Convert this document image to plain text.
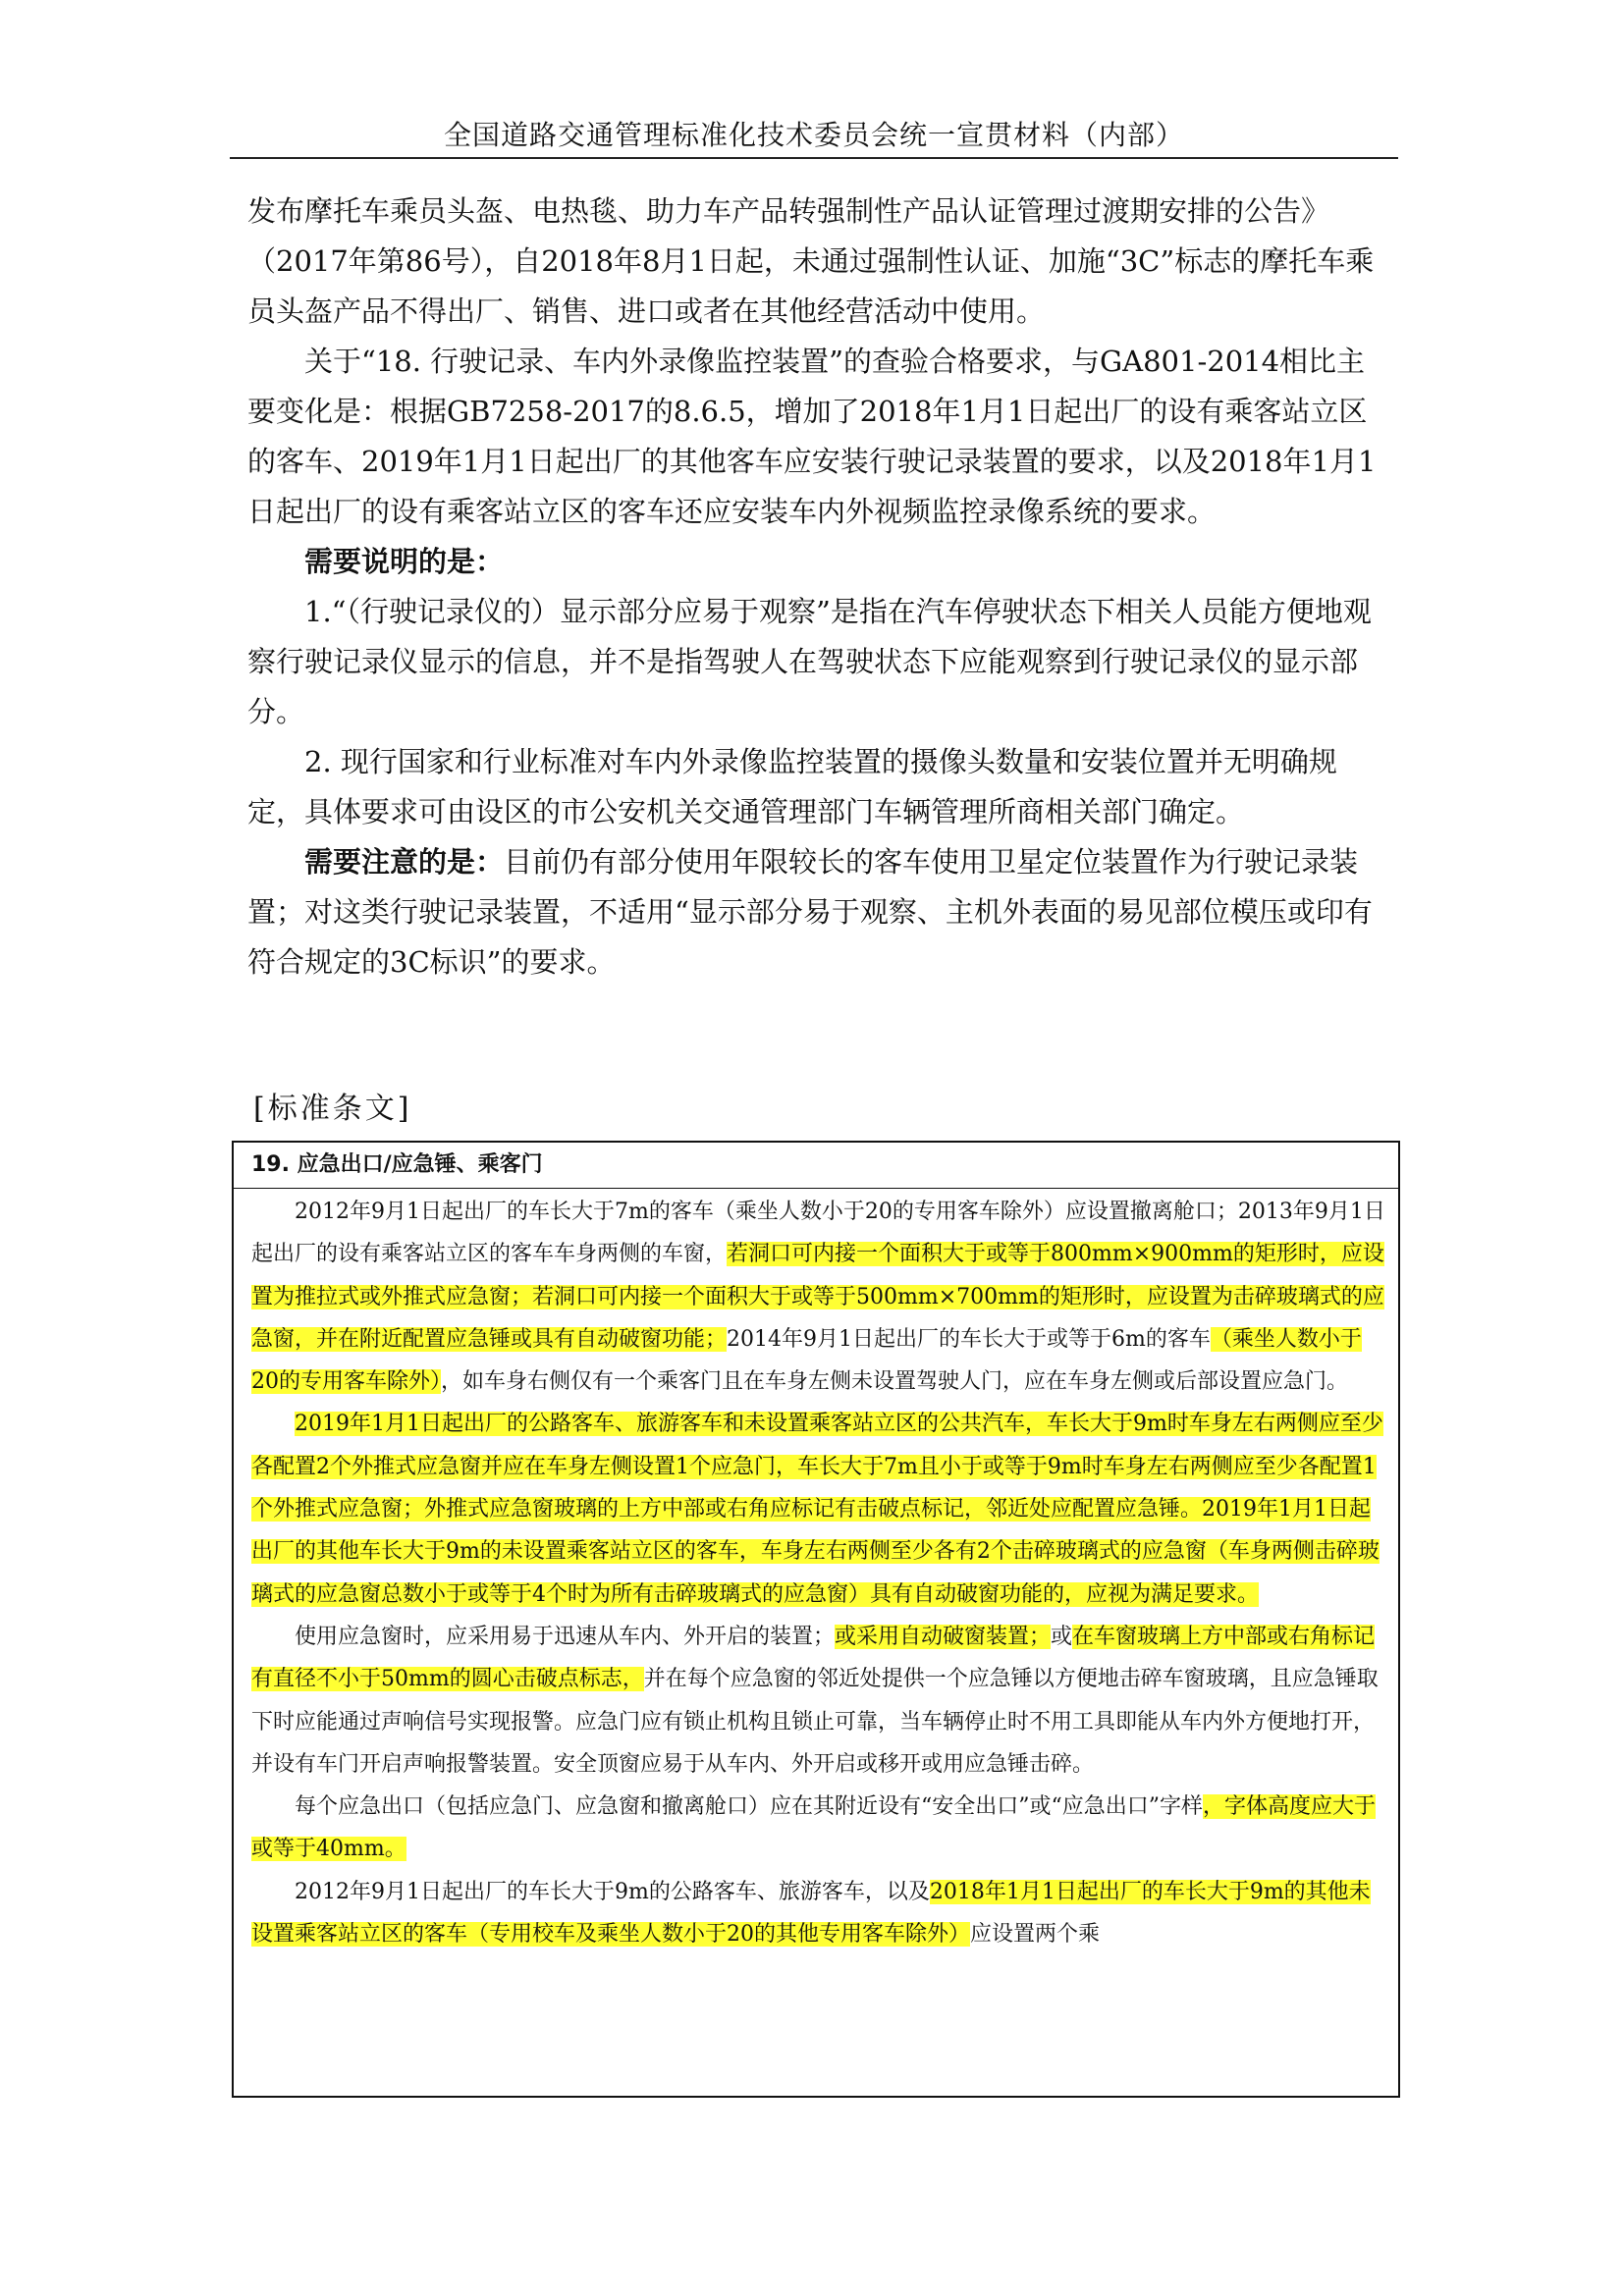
全国道路交通管理标准化技术委员会统一宣贯材料（内部）

发布摩托车乘员头盔、电热毯、助力车产品转强制性产品认证管理过渡期安排的公告》（2017年第86号），自2018年8月1日起，未通过强制性认证、加施“3C”标志的摩托车乘员头盔产品不得出厂、销售、进口或者在其他经营活动中使用。

关于“18. 行驶记录、车内外录像监控装置”的查验合格要求，与GA801-2014相比主要变化是：根据GB7258-2017的8.6.5，增加了2018年1月1日起出厂的设有乘客站立区的客车、2019年1月1日起出厂的其他客车应安装行驶记录装置的要求，以及2018年1月1日起出厂的设有乘客站立区的客车还应安装车内外视频监控录像系统的要求。

需要说明的是：

1.“（行驶记录仪的）显示部分应易于观察”是指在汽车停驶状态下相关人员能方便地观察行驶记录仪显示的信息，并不是指驾驶人在驾驶状态下应能观察到行驶记录仪的显示部分。

2. 现行国家和行业标准对车内外录像监控装置的摄像头数量和安装位置并无明确规定，具体要求可由设区的市公安机关交通管理部门车辆管理所商相关部门确定。

需要注意的是：目前仍有部分使用年限较长的客车使用卫星定位装置作为行驶记录装置；对这类行驶记录装置，不适用“显示部分易于观察、主机外表面的易见部位模压或印有符合规定的3C标识”的要求。

[标准条文]
19. 应急出口/应急锤、乘客门

2012年9月1日起出厂的车长大于7m的客车（乘坐人数小于20的专用客车除外）应设置撤离舱口；2013年9月1日起出厂的设有乘客站立区的客车车身两侧的车窗，若洞口可内接一个面积大于或等于800mm×900mm的矩形时，应设置为推拉式或外推式应急窗；若洞口可内接一个面积大于或等于500mm×700mm的矩形时，应设置为击碎玻璃式的应急窗，并在附近配置应急锤或具有自动破窗功能；2014年9月1日起出厂的车长大于或等于6m的客车（乘坐人数小于20的专用客车除外），如车身右侧仅有一个乘客门且在车身左侧未设置驾驶人门，应在车身左侧或后部设置应急门。

2019年1月1日起出厂的公路客车、旅游客车和未设置乘客站立区的公共汽车，车长大于9m时车身左右两侧应至少各配置2个外推式应急窗并应在车身左侧设置1个应急门，车长大于7m且小于或等于9m时车身左右两侧应至少各配置1个外推式应急窗；外推式应急窗玻璃的上方中部或右角应标记有击破点标记，邻近处应配置应急锤。2019年1月1日起出厂的其他车长大于9m的未设置乘客站立区的客车，车身左右两侧至少各有2个击碎玻璃式的应急窗（车身两侧击碎玻璃式的应急窗总数小于或等于4个时为所有击碎玻璃式的应急窗）具有自动破窗功能的，应视为满足要求。

使用应急窗时，应采用易于迅速从车内、外开启的装置；或采用自动破窗装置；或在车窗玻璃上方中部或右角标记有直径不小于50mm的圆心击破点标志，并在每个应急窗的邻近处提供一个应急锤以方便地击碎车窗玻璃，且应急锤取下时应能通过声响信号实现报警。应急门应有锁止机构且锁止可靠，当车辆停止时不用工具即能从车内外方便地打开，并设有车门开启声响报警装置。安全顶窗应易于从车内、外开启或移开或用应急锤击碎。

每个应急出口（包括应急门、应急窗和撤离舱口）应在其附近设有“安全出口”或“应急出口”字样，字体高度应大于或等于40mm。

2012年9月1日起出厂的车长大于9m的公路客车、旅游客车，以及2018年1月1日起出厂的车长大于9m的其他未设置乘客站立区的客车（专用校车及乘坐人数小于20的其他专用客车除外）应设置两个乘
